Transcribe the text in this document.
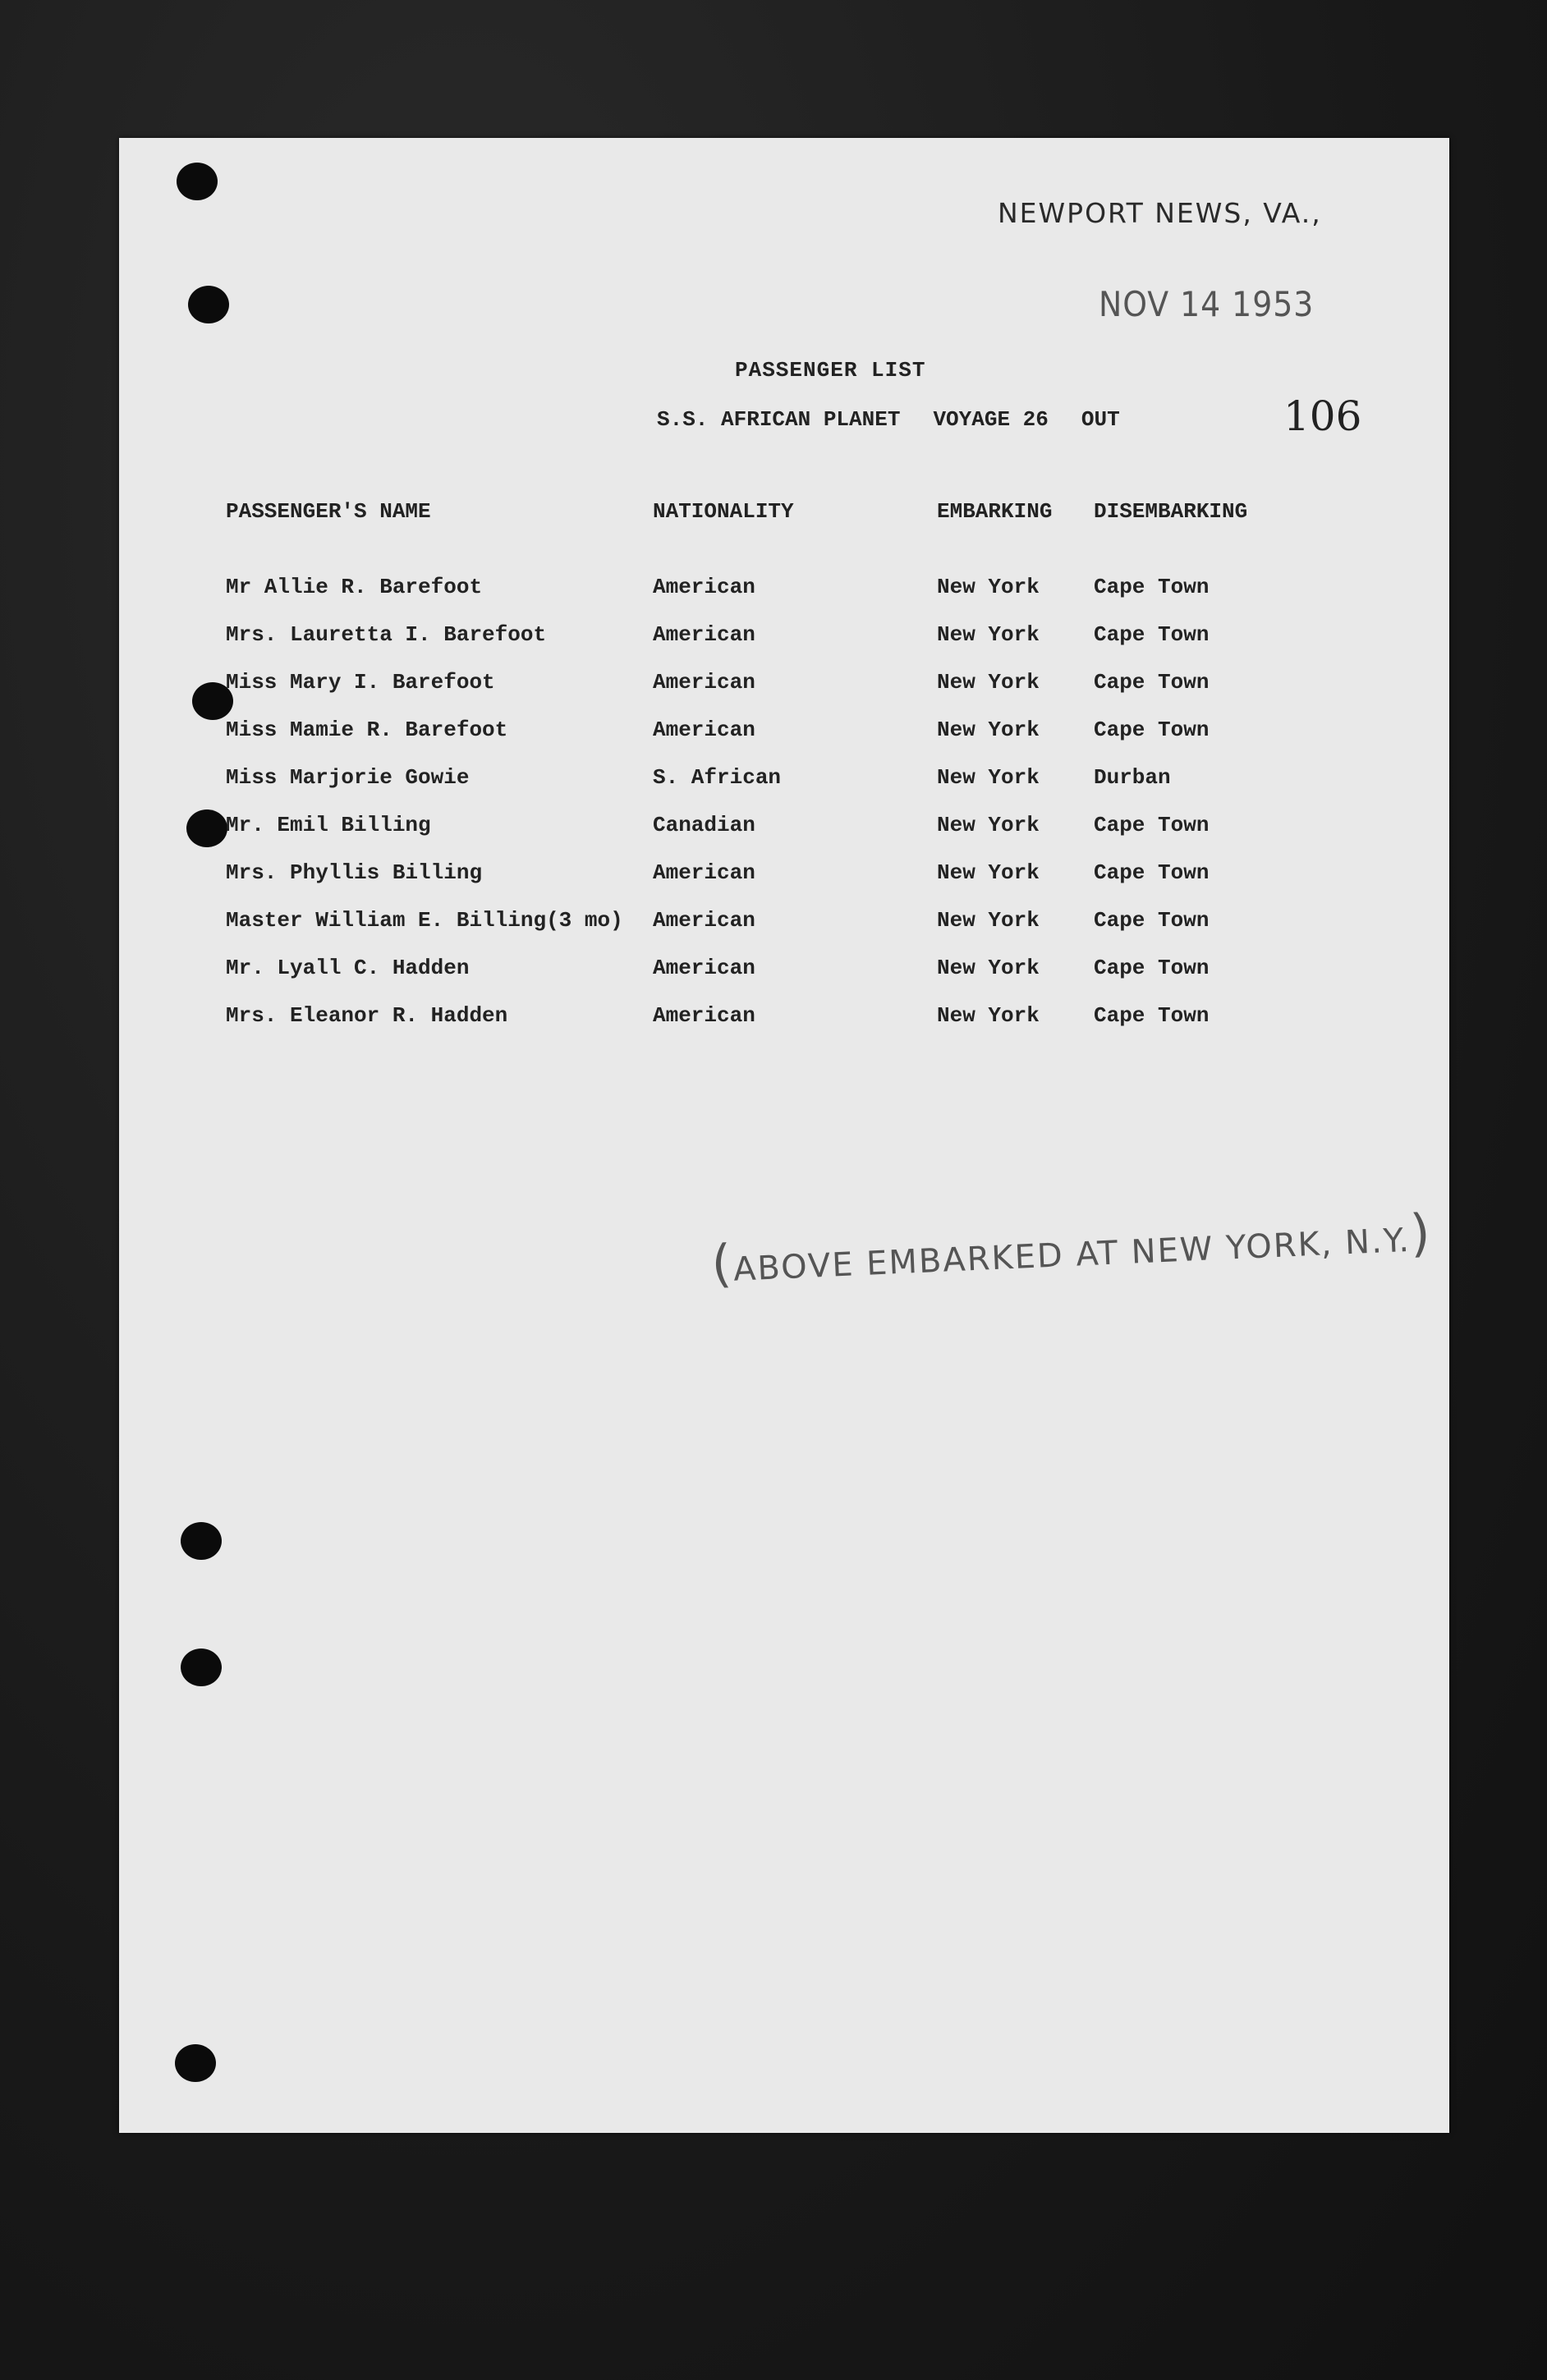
NEWPORT NEWS, VA.,
NOV 14 1953
106
PASSENGER LIST
S.S. AFRICAN PLANET VOYAGE 26 OUT
PASSENGER'S NAME	NATIONALITY	EMBARKING DISEMBARKING
Mr Allie R. Barefoot	American	New York	Cape Town
Mrs. Lauretta I. Barefoot	American	New York	Cape Town
Miss Mary I. Barefoot	American	New York	Cape Town
Miss Mamie R. Barefoot	American	New York	Cape Town
Miss Marjorie Gowie	S. African	New York	Durban
Mr. Emil Billing	Canadian	New York	Cape Town
Mrs. Phyllis Billing	American	New York	Cape Town
Master William E. Billing(3 mo) American	New York	Cape Town
Mr. Lyall C. Hadden	American	New York	Cape Town
Mrs. Eleanor R. Hadden	American	New York	Cape Town
(ABOVE EMBARKED AT NEW YORK, N.Y.)
